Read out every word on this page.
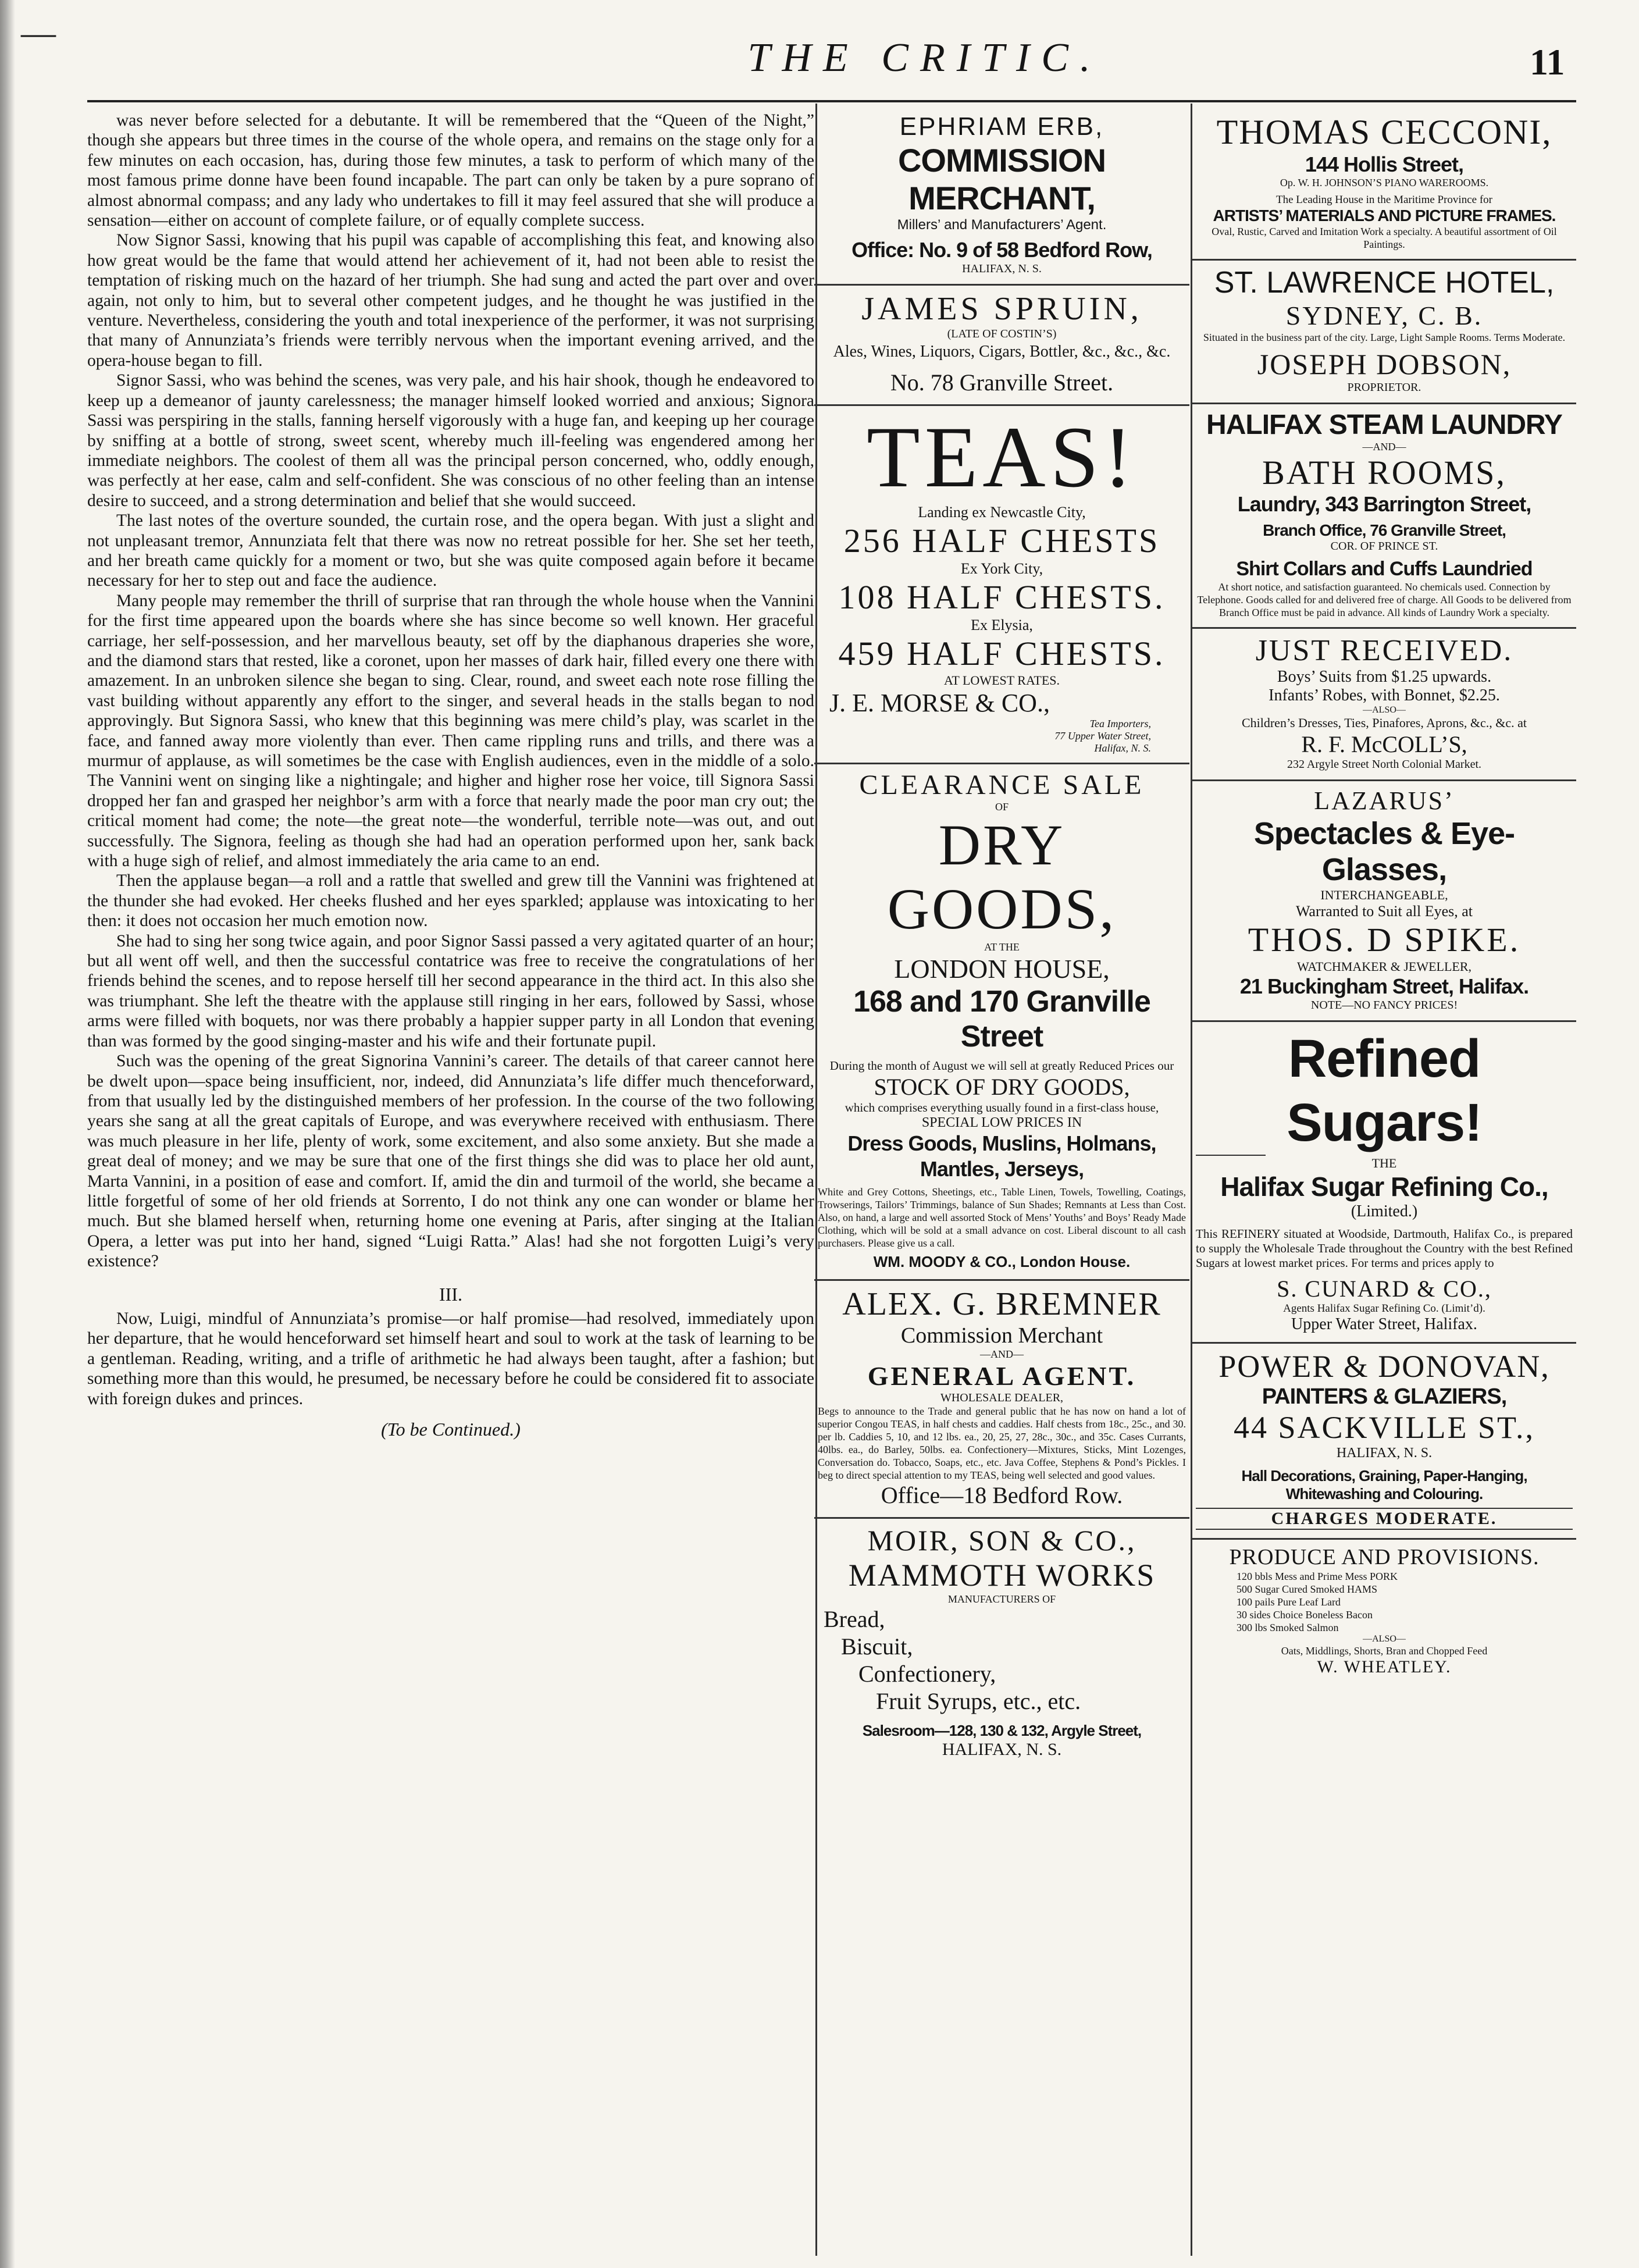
—
THE CRITIC.	11

was never before selected for a debutante. It will be remembered that the “Queen of the Night,” though she appears but three times in the course of the whole opera, and remains on the stage only for a few minutes on each occasion, has, during those few minutes, a task to perform of which many of the most famous prime donne have been found incapable. The part can only be taken by a pure soprano of almost abnormal compass; and any lady who undertakes to fill it may feel assured that she will produce a sensation—either on account of complete failure, or of equally complete success.

Now Signor Sassi, knowing that his pupil was capable of accomplishing this feat, and knowing also how great would be the fame that would attend her achievement of it, had not been able to resist the temptation of risking much on the hazard of her triumph. She had sung and acted the part over and over again, not only to him, but to several other competent judges, and he thought he was justified in the venture. Nevertheless, considering the youth and total inexperience of the performer, it was not surprising that many of Annunziata’s friends were terribly nervous when the important evening arrived, and the opera-house began to fill.

Signor Sassi, who was behind the scenes, was very pale, and his hair shook, though he endeavored to keep up a demeanor of jaunty carelessness; the manager himself looked worried and anxious; Signora Sassi was perspiring in the stalls, fanning herself vigorously with a huge fan, and keeping up her courage by sniffing at a bottle of strong, sweet scent, whereby much ill-feeling was engendered among her immediate neighbors. The coolest of them all was the principal person concerned, who, oddly enough, was perfectly at her ease, calm and self-confident. She was conscious of no other feeling than an intense desire to succeed, and a strong determination and belief that she would succeed.

The last notes of the overture sounded, the curtain rose, and the opera began. With just a slight and not unpleasant tremor, Annunziata felt that there was now no retreat possible for her. She set her teeth, and her breath came quickly for a moment or two, but she was quite composed again before it became necessary for her to step out and face the audience.

Many people may remember the thrill of surprise that ran through the whole house when the Vannini for the first time appeared upon the boards where she has since become so well known. Her graceful carriage, her self-possession, and her marvellous beauty, set off by the diaphanous draperies she wore, and the diamond stars that rested, like a coronet, upon her masses of dark hair, filled every one there with amazement. In an unbroken silence she began to sing. Clear, round, and sweet each note rose filling the vast building without apparently any effort to the singer, and several heads in the stalls began to nod approvingly. But Signora Sassi, who knew that this beginning was mere child’s play, was scarlet in the face, and fanned away more violently than ever. Then came rippling runs and trills, and there was a murmur of applause, as will sometimes be the case with English audiences, even in the middle of a solo. The Vannini went on singing like a nightingale; and higher and higher rose her voice, till Signora Sassi dropped her fan and grasped her neighbor’s arm with a force that nearly made the poor man cry out; the critical moment had come; the note—the great note—the wonderful, terrible note—was out, and out successfully. The Signora, feeling as though she had had an operation performed upon her, sank back with a huge sigh of relief, and almost immediately the aria came to an end.

Then the applause began—a roll and a rattle that swelled and grew till the Vannini was frightened at the thunder she had evoked. Her cheeks flushed and her eyes sparkled; applause was intoxicating to her then: it does not occasion her much emotion now.

She had to sing her song twice again, and poor Signor Sassi passed a very agitated quarter of an hour; but all went off well, and then the successful contatrice was free to receive the congratulations of her friends behind the scenes, and to repose herself till her second appearance in the third act. In this also she was triumphant. She left the theatre with the applause still ringing in her ears, followed by Sassi, whose arms were filled with boquets, nor was there probably a happier supper party in all London that evening than was formed by the good singing-master and his wife and their fortunate pupil.

Such was the opening of the great Signorina Vannini’s career. The details of that career cannot here be dwelt upon—space being insufficient, nor, indeed, did Annunziata’s life differ much thenceforward, from that usually led by the distinguished members of her profession. In the course of the two following years she sang at all the great capitals of Europe, and was everywhere received with enthusiasm. There was much pleasure in her life, plenty of work, some excitement, and also some anxiety. But she made a great deal of money; and we may be sure that one of the first things she did was to place her old aunt, Marta Vannini, in a position of ease and comfort. If, amid the din and turmoil of the world, she became a little forgetful of some of her old friends at Sorrento, I do not think any one can wonder or blame her much. But she blamed herself when, returning home one evening at Paris, after singing at the Italian Opera, a letter was put into her hand, signed “Luigi Ratta.” Alas! had she not forgotten Luigi’s very existence?

III.

Now, Luigi, mindful of Annunziata’s promise—or half promise—had resolved, immediately upon her departure, that he would henceforward set himself heart and soul to work at the task of learning to be a gentleman. Reading, writing, and a trifle of arithmetic he had always been taught, after a fashion; but something more than this would, he presumed, be necessary before he could be considered fit to associate with foreign dukes and princes.

(To be Continued.)

EPHRIAM ERB,
COMMISSION MERCHANT,
Millers’ and Manufacturers’ Agent.
Office: No. 9 of 58 Bedford Row,
HALIFAX, N. S.
JAMES SPRUIN,
(LATE OF COSTIN’S)
Ales, Wines, Liquors, Cigars, Bottler, &c., &c., &c.
No. 78 Granville Street.
TEAS!
Landing ex Newcastle City,
256 HALF CHESTS
Ex York City,
108 HALF CHESTS.
Ex Elysia,
459 HALF CHESTS.
AT LOWEST RATES.
J. E. MORSE & CO.,
Tea Importers,
77 Upper Water Street,
Halifax, N. S.
CLEARANCE SALE
OF
DRY GOODS,
AT THE
LONDON HOUSE,
168 and 170 Granville Street
During the month of August we will sell at greatly Reduced Prices our
STOCK OF DRY GOODS,
which comprises everything usually found in a first-class house,
SPECIAL LOW PRICES IN
Dress Goods, Muslins, Holmans, Mantles, Jerseys,
White and Grey Cottons, Sheetings, etc., Table Linen, Towels, Towelling, Coatings, Trowserings, Tailors’ Trimmings, balance of Sun Shades; Remnants at Less than Cost. Also, on hand, a large and well assorted Stock of Mens’ Youths’ and Boys’ Ready Made Clothing, which will be sold at a small advance on cost. Liberal discount to all cash purchasers. Please give us a call.
WM. MOODY & CO., London House.
ALEX. G. BREMNER
Commission Merchant
—AND—
GENERAL AGENT.
WHOLESALE DEALER,
Begs to announce to the Trade and general public that he has now on hand a lot of superior Congou TEAS, in half chests and caddies. Half chests from 18c., 25c., and 30. per lb. Caddies 5, 10, and 12 lbs. ea., 20, 25, 27, 28c., 30c., and 35c. Cases Currants, 40lbs. ea., do Barley, 50lbs. ea. Confectionery—Mixtures, Sticks, Mint Lozenges, Conversation do. Tobacco, Soaps, etc., etc. Java Coffee, Stephens & Pond’s Pickles. I beg to direct special attention to my TEAS, being well selected and good values.
Office—18 Bedford Row.
MOIR, SON & CO.,
MAMMOTH WORKS
MANUFACTURERS OF
Bread,
Biscuit,
Confectionery,
Fruit Syrups, etc., etc.
Salesroom—128, 130 & 132, Argyle Street,
HALIFAX, N. S.
THOMAS CECCONI,
144 Hollis Street,
Op. W. H. JOHNSON’S PIANO WAREROOMS.
The Leading House in the Maritime Province for
ARTISTS’ MATERIALS AND PICTURE FRAMES.
Oval, Rustic, Carved and Imitation Work a specialty. A beautiful assortment of Oil Paintings.
ST. LAWRENCE HOTEL,
SYDNEY, C. B.
Situated in the business part of the city. Large, Light Sample Rooms. Terms Moderate.
JOSEPH DOBSON,
PROPRIETOR.
HALIFAX STEAM LAUNDRY
—AND—
BATH ROOMS,
Laundry, 343 Barrington Street,
Branch Office, 76 Granville Street,
COR. OF PRINCE ST.
Shirt Collars and Cuffs Laundried
At short notice, and satisfaction guaranteed. No chemicals used. Connection by Telephone. Goods called for and delivered free of charge. All Goods to be delivered from Branch Office must be paid in advance. All kinds of Laundry Work a specialty.
JUST RECEIVED.
Boys’ Suits from $1.25 upwards.
Infants’ Robes, with Bonnet, $2.25.
—ALSO—
Children’s Dresses, Ties, Pinafores, Aprons, &c., &c. at
R. F. McCOLL’S,
232 Argyle Street North Colonial Market.
LAZARUS’
Spectacles & Eye-Glasses,
INTERCHANGEABLE,
Warranted to Suit all Eyes, at
THOS. D SPIKE.
WATCHMAKER & JEWELLER,
21 Buckingham Street, Halifax.
NOTE—NO FANCY PRICES!
Refined Sugars!
THE
Halifax Sugar Refining Co.,
(Limited.)
This REFINERY situated at Woodside, Dartmouth, Halifax Co., is prepared to supply the Wholesale Trade throughout the Country with the best Refined Sugars at lowest market prices. For terms and prices apply to
S. CUNARD & CO.,
Agents Halifax Sugar Refining Co. (Limit’d).
Upper Water Street, Halifax.
POWER & DONOVAN,
PAINTERS & GLAZIERS,
44 SACKVILLE ST.,
HALIFAX, N. S.
Hall Decorations, Graining, Paper-Hanging, Whitewashing and Colouring.
CHARGES MODERATE.
PRODUCE AND PROVISIONS.
120 bbls Mess and Prime Mess PORK
500 Sugar Cured Smoked HAMS
100 pails Pure Leaf Lard
30 sides Choice Boneless Bacon
300 lbs Smoked Salmon
—ALSO—
Oats, Middlings, Shorts, Bran and Chopped Feed
W. WHEATLEY.
